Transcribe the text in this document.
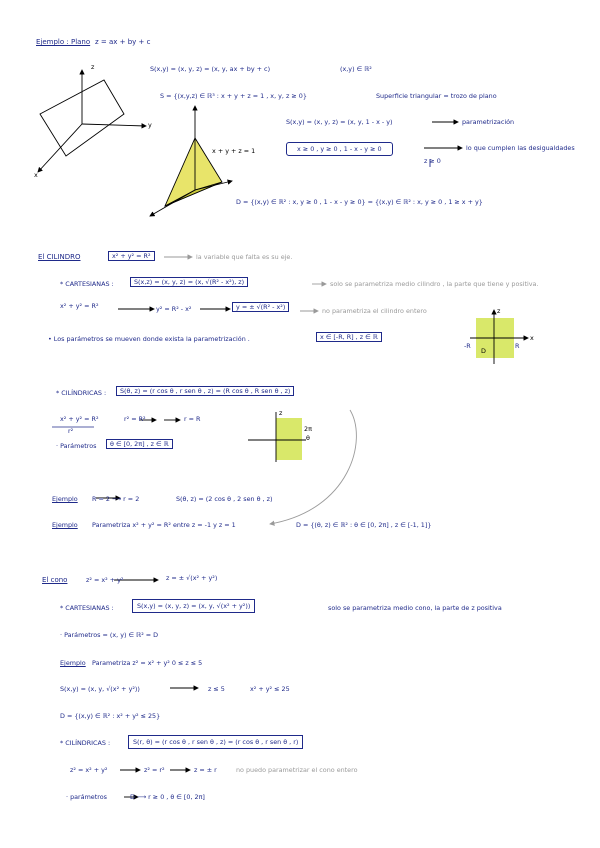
Ejemplo : Plano z = ax + by + c
z
y
x
S(x,y) = (x, y, z) = (x, y, ax + by + c)	(x,y) ∈ ℝ²
S = {(x,y,z) ∈ ℝ³ : x + y + z = 1 , x, y, z ≥ 0}	Superficie triangular = trozo de plano
S(x,y) = (x, y, z) = (x, y, 1 - x - y)	parametrización
x ≥ 0 , y ≥ 0 , 1 - x - y ≥ 0
z ≥ 0
lo que cumplen las desigualdades
x + y + z = 1
D = {(x,y) ∈ ℝ² : x, y ≥ 0 , 1 - x - y ≥ 0} = {(x,y) ∈ ℝ² : x, y ≥ 0 , 1 ≥ x + y}
El CILINDRO	x² + y² = R²	la variable que falta es su eje.
* CARTESIANAS :	S(x,z) = (x, y, z) = (x, √(R² - x²), z)	solo se parametriza medio cilindro , la parte que tiene y positiva.
x² + y² = R²	y² = R² - x²	y = ± √(R² - x²)	no parametriza el cilindro entero
• Los parámetros se mueven donde exista la parametrización .	x ∈ [-R, R] , z ∈ ℝ
z
x
-R	R
D
* CILÍNDRICAS :	S(θ, z) = (r cos θ , r sen θ , z) = (R cos θ , R sen θ , z)
x² + y² = R²
r²
r² = R²	r = R
· Parámetros	θ ∈ [0, 2π] , z ∈ ℝ
z
2π
θ
Ejemplo R = 2 ⟶ r = 2	S(θ, z) = (2 cos θ , 2 sen θ , z)
Ejemplo Parametriza x² + y² = R² entre z = -1 y z = 1	D = {(θ, z) ∈ ℝ² : θ ∈ [0, 2π] , z ∈ [-1, 1]}
El cono	z² = x² + y²	z = ± √(x² + y²)
* CARTESIANAS :	S(x,y) = (x, y, z) = (x, y, √(x² + y²))	solo se parametriza medio cono, la parte de z positiva
· Parámetros = (x, y) ∈ ℝ² = D
Ejemplo Parametriza z² = x² + y² 0 ≤ z ≤ 5
S(x,y) = (x, y, √(x² + y²))	z ≤ 5	x² + y² ≤ 25
D = {(x,y) ∈ ℝ² : x² + y² ≤ 25}
* CILÍNDRICAS :	S(r, θ) = (r cos θ , r sen θ , z) = (r cos θ , r sen θ , r)
z² = x² + y²	z² = r²	z = ± r	no puedo parametrizar el cono entero
· parámetros	D ⟶ r ≥ 0 , θ ∈ [0, 2π]
